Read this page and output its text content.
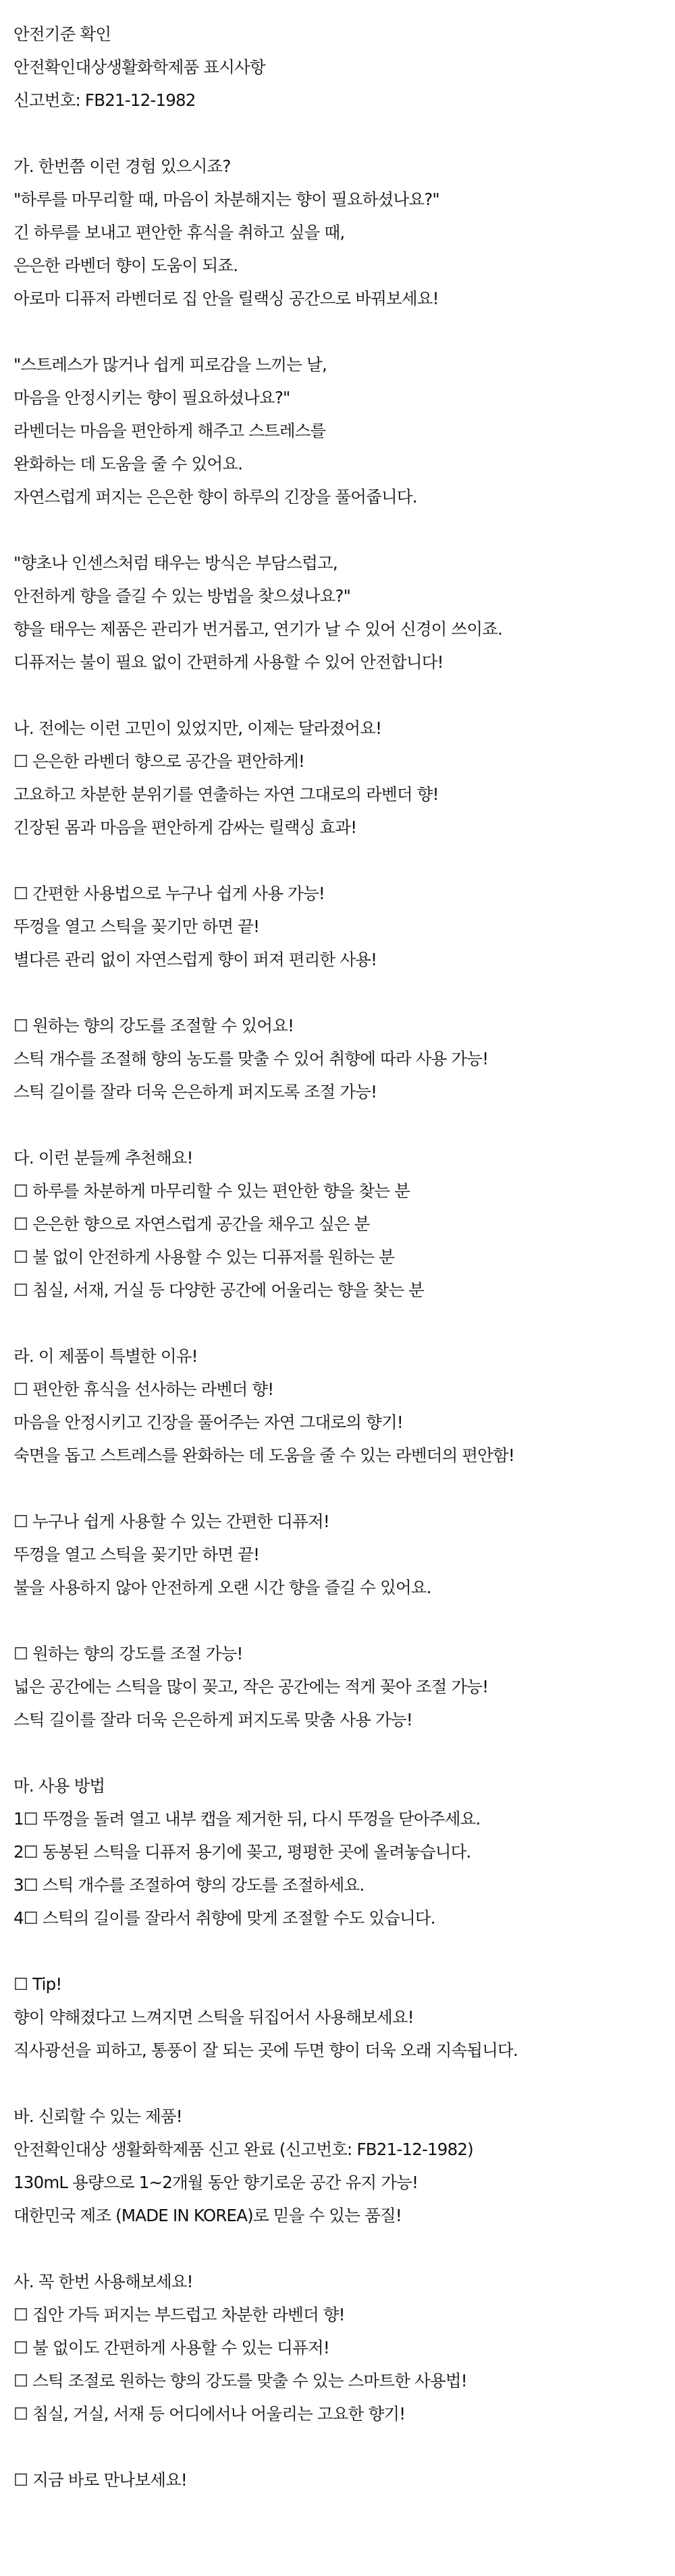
안전기준 확인
안전확인대상생활화학제품 표시사항
신고번호: FB21-12-1982
가. 한번쯤 이런 경험 있으시죠?
"하루를 마무리할 때, 마음이 차분해지는 향이 필요하셨나요?"
긴 하루를 보내고 편안한 휴식을 취하고 싶을 때,
은은한 라벤더 향이 도움이 되죠.
아로마 디퓨저 라벤더로 집 안을 릴랙싱 공간으로 바꿔보세요!
"스트레스가 많거나 쉽게 피로감을 느끼는 날,
마음을 안정시키는 향이 필요하셨나요?"
라벤더는 마음을 편안하게 해주고 스트레스를
완화하는 데 도움을 줄 수 있어요.
자연스럽게 퍼지는 은은한 향이 하루의 긴장을 풀어줍니다.
"향초나 인센스처럼 태우는 방식은 부담스럽고,
안전하게 향을 즐길 수 있는 방법을 찾으셨나요?"
향을 태우는 제품은 관리가 번거롭고, 연기가 날 수 있어 신경이 쓰이죠.
디퓨저는 불이 필요 없이 간편하게 사용할 수 있어 안전합니다!
나. 전에는 이런 고민이 있었지만, 이제는 달라졌어요!
☐ 은은한 라벤더 향으로 공간을 편안하게!
고요하고 차분한 분위기를 연출하는 자연 그대로의 라벤더 향!
긴장된 몸과 마음을 편안하게 감싸는 릴랙싱 효과!
☐ 간편한 사용법으로 누구나 쉽게 사용 가능!
뚜껑을 열고 스틱을 꽂기만 하면 끝!
별다른 관리 없이 자연스럽게 향이 퍼져 편리한 사용!
☐ 원하는 향의 강도를 조절할 수 있어요!
스틱 개수를 조절해 향의 농도를 맞출 수 있어 취향에 따라 사용 가능!
스틱 길이를 잘라 더욱 은은하게 퍼지도록 조절 가능!
다. 이런 분들께 추천해요!
☐ 하루를 차분하게 마무리할 수 있는 편안한 향을 찾는 분
☐ 은은한 향으로 자연스럽게 공간을 채우고 싶은 분
☐ 불 없이 안전하게 사용할 수 있는 디퓨저를 원하는 분
☐ 침실, 서재, 거실 등 다양한 공간에 어울리는 향을 찾는 분
라. 이 제품이 특별한 이유!
☐ 편안한 휴식을 선사하는 라벤더 향!
마음을 안정시키고 긴장을 풀어주는 자연 그대로의 향기!
숙면을 돕고 스트레스를 완화하는 데 도움을 줄 수 있는 라벤더의 편안함!
☐ 누구나 쉽게 사용할 수 있는 간편한 디퓨저!
뚜껑을 열고 스틱을 꽂기만 하면 끝!
불을 사용하지 않아 안전하게 오랜 시간 향을 즐길 수 있어요.
☐ 원하는 향의 강도를 조절 가능!
넓은 공간에는 스틱을 많이 꽂고, 작은 공간에는 적게 꽂아 조절 가능!
스틱 길이를 잘라 더욱 은은하게 퍼지도록 맞춤 사용 가능!
마. 사용 방법
1☐ 뚜껑을 돌려 열고 내부 캡을 제거한 뒤, 다시 뚜껑을 닫아주세요.
2☐ 동봉된 스틱을 디퓨저 용기에 꽂고, 평평한 곳에 올려놓습니다.
3☐ 스틱 개수를 조절하여 향의 강도를 조절하세요.
4☐ 스틱의 길이를 잘라서 취향에 맞게 조절할 수도 있습니다.
☐ Tip!
향이 약해졌다고 느껴지면 스틱을 뒤집어서 사용해보세요!
직사광선을 피하고, 통풍이 잘 되는 곳에 두면 향이 더욱 오래 지속됩니다.
바. 신뢰할 수 있는 제품!
안전확인대상 생활화학제품 신고 완료 (신고번호: FB21-12-1982)
130mL 용량으로 1~2개월 동안 향기로운 공간 유지 가능!
대한민국 제조 (MADE IN KOREA)로 믿을 수 있는 품질!
사. 꼭 한번 사용해보세요!
☐ 집안 가득 퍼지는 부드럽고 차분한 라벤더 향!
☐ 불 없이도 간편하게 사용할 수 있는 디퓨저!
☐ 스틱 조절로 원하는 향의 강도를 맞출 수 있는 스마트한 사용법!
☐ 침실, 거실, 서재 등 어디에서나 어울리는 고요한 향기!
☐ 지금 바로 만나보세요!
